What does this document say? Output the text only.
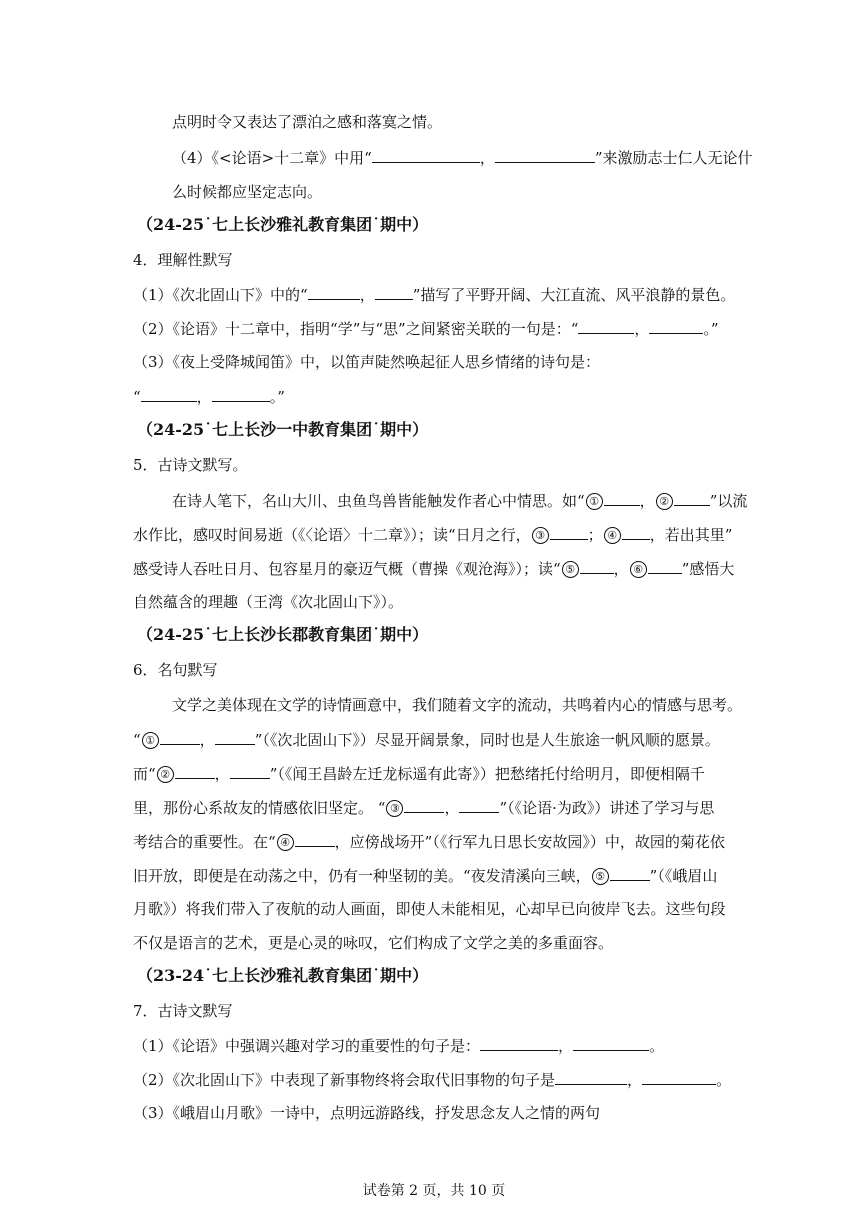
点明时令又表达了漂泊之感和落寞之情。
（4）《<论语>十二章》中用“	，	”来激励志士仁人无论什
么时候都应坚定志向。
（24-25˙七上长沙雅礼教育集团˙期中）
4．理解性默写
（1）《次北固山下》中的“	，	”描写了平野开阔、大江直流、风平浪静的景色。
（2）《论语》十二章中，指明“学”与“思”之间紧密关联的一句是：“	，	。”
（3）《夜上受降城闻笛》中，以笛声陡然唤起征人思乡情绪的诗句是：
“	，	。”
（24-25˙七上长沙一中教育集团˙期中）
5．古诗文默写。
在诗人笔下，名山大川、虫鱼鸟兽皆能触发作者心中情思。如“ ①	， ②	”以流
水作比，感叹时间易逝（《〈论语〉十二章》）；读“日月之行， ③	； ④ ，若出其里”
感受诗人吞吐日月、包容星月的豪迈气概（曹操《观沧海》）；读“ ⑤	， ⑥	”感悟大
自然蕴含的理趣（王湾《次北固山下》）。
（24-25˙七上长沙长郡教育集团˙期中）
6．名句默写
文学之美体现在文学的诗情画意中，我们随着文字的流动，共鸣着内心的情感与思考。
“ ①	，	”（《次北固山下》）尽显开阔景象，同时也是人生旅途一帆风顺的愿景。
而“ ②	，	”（《闻王昌龄左迁龙标遥有此寄》）把愁绪托付给明月，即便相隔千
里，那份心系故友的情感依旧坚定。 “ ③	，	”（《论语·为政》）讲述了学习与思
考结合的重要性。在“ ④	，应傍战场开”（《行军九日思长安故园》）中，故园的菊花依
旧开放，即便是在动荡之中，仍有一种坚韧的美。“夜发清溪向三峡， ⑤	”（《峨眉山
月歌》）将我们带入了夜航的动人画面，即使人未能相见，心却早已向彼岸飞去。这些句段
不仅是语言的艺术，更是心灵的咏叹，它们构成了文学之美的多重面容。
（23-24˙七上长沙雅礼教育集团˙期中）
7．古诗文默写
（1）《论语》中强调兴趣对学习的重要性的句子是：	，	。
（2）《次北固山下》中表现了新事物终将会取代旧事物的句子是	，	。
（3）《峨眉山月歌》一诗中，点明远游路线，抒发思念友人之情的两句
试卷第 2 页，共 10 页
